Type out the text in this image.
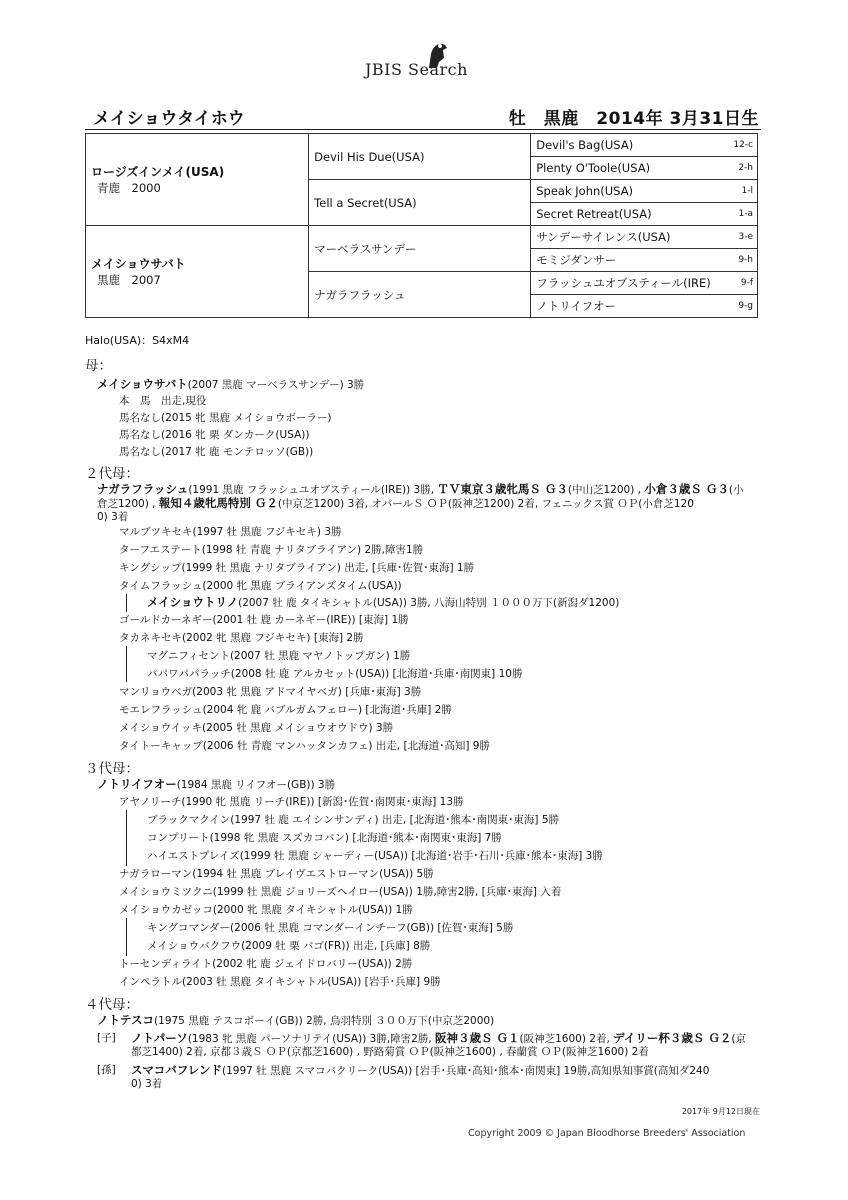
JBIS Search
メイショウタイホウ	牡　黒鹿　2014年 3月31日生
ロージズインメイ(USA)
青鹿　2000	Devil His Due(USA)	Devil's Bag(USA)	12-c
		Plenty O'Toole(USA)	2-h
	Tell a Secret(USA)	Speak John(USA)	1-l
		Secret Retreat(USA)	1-a

メイショウサバト
黒鹿　2007	マーベラスサンデー	サンデーサイレンス(USA)	3-e
		モミジダンサー	9-h
	ナガラフラッシュ	フラッシュユオブスティール(IRE)	9-f
		ノトリイフオー	9-g
Halo(USA)：S4xM4
母：
メイショウサバト(2007 黒鹿 マーベラスサンデー) 3勝
本　馬　出走,現役
馬名なし(2015 牝 黒鹿 メイショウボーラー)
馬名なし(2016 牝 栗 ダンカーク(USA))
馬名なし(2017 牝 鹿 モンテロッソ(GB))
２代母：
ナガラフラッシュ(1991 黒鹿 フラッシュユオブスティール(IRE)) 3勝, ＴＶ東京３歳牝馬Ｓ Ｇ３(中山芝1200) , 小倉３歳Ｓ Ｇ３(小
倉芝1200) , 報知４歳牝馬特別 Ｇ２(中京芝1200) 3着, オパールＳ ＯＰ(阪神芝1200) 2着, フェニックス賞 ＯＰ(小倉芝120
0) 3着
マルブツキセキ(1997 牡 黒鹿 フジキセキ) 3勝
ターフエステート(1998 牡 青鹿 ナリタブライアン) 2勝,障害1勝
キングシップ(1999 牡 黒鹿 ナリタブライアン) 出走, [兵庫･佐賀･東海] 1勝
タイムフラッシュ(2000 牝 黒鹿 ブライアンズタイム(USA))
メイショウトリノ(2007 牡 鹿 タイキシャトル(USA)) 3勝, 八海山特別 １０００万下(新潟ダ1200)
ゴールドカーネギー(2001 牡 鹿 カーネギー(IRE)) [東海] 1勝
タカネキセキ(2002 牝 黒鹿 フジキセキ) [東海] 2勝
マグニフィセント(2007 牡 黒鹿 マヤノトップガン) 1勝
パパワパパラッチ(2008 牡 鹿 アルカセット(USA)) [北海道･兵庫･南関東] 10勝
マンリョウベガ(2003 牝 黒鹿 アドマイヤベガ) [兵庫･東海] 3勝
モエレフラッシュ(2004 牝 鹿 バブルガムフェロー) [北海道･兵庫] 2勝
メイショウイッキ(2005 牡 黒鹿 メイショウオウドウ) 3勝
タイトーキャップ(2006 牡 青鹿 マンハッタンカフェ) 出走, [北海道･高知] 9勝
３代母：
ノトリイフオー(1984 黒鹿 リイフオー(GB)) 3勝
アヤノリーチ(1990 牝 黒鹿 リーチ(IRE)) [新潟･佐賀･南関東･東海] 13勝
ブラックマクイン(1997 牡 鹿 エイシンサンディ) 出走, [北海道･熊本･南関東･東海] 5勝
コンプリート(1998 牝 黒鹿 スズカコバン) [北海道･熊本･南関東･東海] 7勝
ハイエストプレイズ(1999 牡 黒鹿 シャーディー(USA)) [北海道･岩手･石川･兵庫･熊本･東海] 3勝
ナガラローマン(1994 牡 黒鹿 ブレイヴエストローマン(USA)) 5勝
メイショウミツクニ(1999 牡 黒鹿 ジョリーズヘイロー(USA)) 1勝,障害2勝, [兵庫･東海] 入着
メイショウカゼッコ(2000 牝 黒鹿 タイキシャトル(USA)) 1勝
キングコマンダー(2006 牡 黒鹿 コマンダーインチーフ(GB)) [佐賀･東海] 5勝
メイショウバクフウ(2009 牡 栗 バゴ(FR)) 出走, [兵庫] 8勝
トーセンディライト(2002 牝 鹿 ジェイドロバリー(USA)) 2勝
インペラトル(2003 牡 黒鹿 タイキシャトル(USA)) [岩手･兵庫] 9勝
４代母：
ノトテスコ(1975 黒鹿 テスコボーイ(GB)) 2勝, 烏羽特別 ３００万下(中京芝2000)
[子] ノトパーソ(1983 牝 黒鹿 パーソナリテイ(USA)) 3勝,障害2勝, 阪神３歳Ｓ Ｇ１(阪神芝1600) 2着, デイリー杯３歳Ｓ Ｇ２(京
都芝1400) 2着, 京都３歳Ｓ ＯＰ(京都芝1600) , 野路菊賞 ＯＰ(阪神芝1600) , 春蘭賞 ＯＰ(阪神芝1600) 2着
[孫] スマコバフレンド(1997 牡 黒鹿 スマコバクリーク(USA)) [岩手･兵庫･高知･熊本･南関東] 19勝,高知県知事賞(高知ダ240
0) 3着
2017年 9月12日現在
Copyright 2009 © Japan Bloodhorse Breeders' Association
